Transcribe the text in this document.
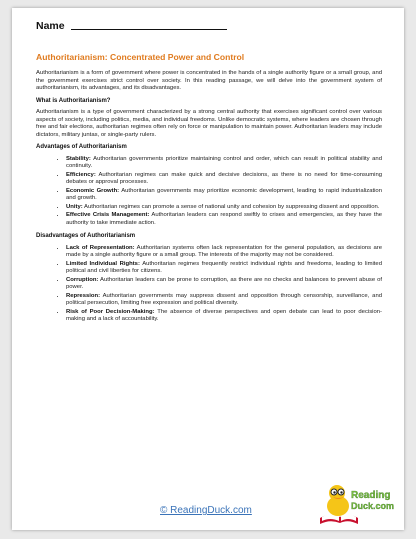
Name
Authoritarianism: Concentrated Power and Control

Authoritarianism is a form of government where power is concentrated in the hands of a single authority figure or a small group, and the government exercises strict control over society. In this reading passage, we will delve into the government system of authoritarianism, its advantages, and its disadvantages.

What is Authoritarianism?

Authoritarianism is a type of government characterized by a strong central authority that exercises significant control over various aspects of society, including politics, media, and individual freedoms. Unlike democratic systems, where leaders are chosen through free and fair elections, authoritarian regimes often rely on force or manipulation to maintain power. Authoritarian leaders may include dictators, military juntas, or single-party rulers.

Advantages of Authoritarianism
• Stability: Authoritarian governments prioritize maintaining control and order, which can result in political stability and continuity.
• Efficiency: Authoritarian regimes can make quick and decisive decisions, as there is no need for time-consuming debates or approval processes.
• Economic Growth: Authoritarian governments may prioritize economic development, leading to rapid industrialization and growth.
• Unity: Authoritarian regimes can promote a sense of national unity and cohesion by suppressing dissent and opposition.
• Effective Crisis Management: Authoritarian leaders can respond swiftly to crises and emergencies, as they have the authority to take immediate action.
Disadvantages of Authoritarianism
• Lack of Representation: Authoritarian systems often lack representation for the general population, as decisions are made by a single authority figure or a small group. The interests of the majority may not be considered.
• Limited Individual Rights: Authoritarian regimes frequently restrict individual rights and freedoms, leading to limited political and civil liberties for citizens.
• Corruption: Authoritarian leaders can be prone to corruption, as there are no checks and balances to prevent abuse of power.
• Repression: Authoritarian governments may suppress dissent and opposition through censorship, surveillance, and political persecution, limiting free expression and political diversity.
• Risk of Poor Decision-Making: The absence of diverse perspectives and open debate can lead to poor decision-making and a lack of accountability.
© ReadingDuck.com
Reading
Duck.com
